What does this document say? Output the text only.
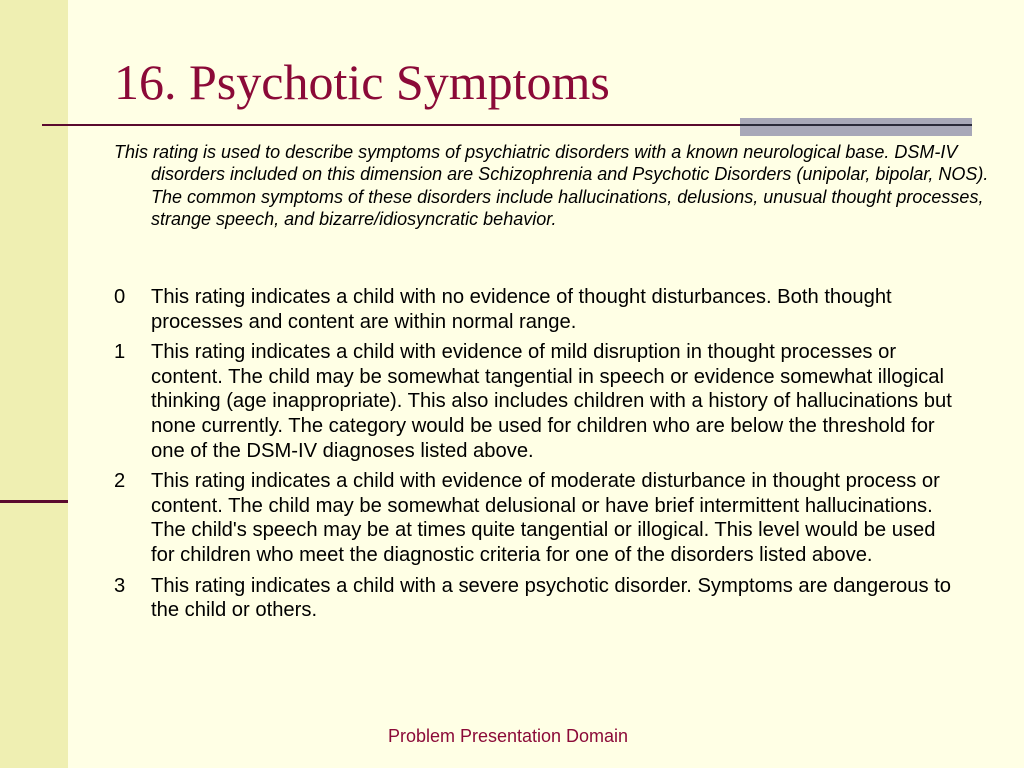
16. Psychotic Symptoms

This rating is used to describe symptoms of psychiatric disorders with a known neurological base. DSM-IV disorders included on this dimension are Schizophrenia and Psychotic Disorders (unipolar, bipolar, NOS). The common symptoms of these disorders include hallucinations, delusions, unusual thought processes, strange speech, and bizarre/idiosyncratic behavior.

0	This rating indicates a child with no evidence of thought disturbances. Both thought processes and content are within normal range.
1	This rating indicates a child with evidence of mild disruption in thought processes or content. The child may be somewhat tangential in speech or evidence somewhat illogical thinking (age inappropriate). This also includes children with a history of hallucinations but none currently. The category would be used for children who are below the threshold for one of the DSM-IV diagnoses listed above.
2	This rating indicates a child with evidence of moderate disturbance in thought process or content. The child may be somewhat delusional or have brief intermittent hallucinations. The child's speech may be at times quite tangential or illogical. This level would be used for children who meet the diagnostic criteria for one of the disorders listed above.
3	This rating indicates a child with a severe psychotic disorder. Symptoms are dangerous to the child or others.
Problem Presentation Domain
